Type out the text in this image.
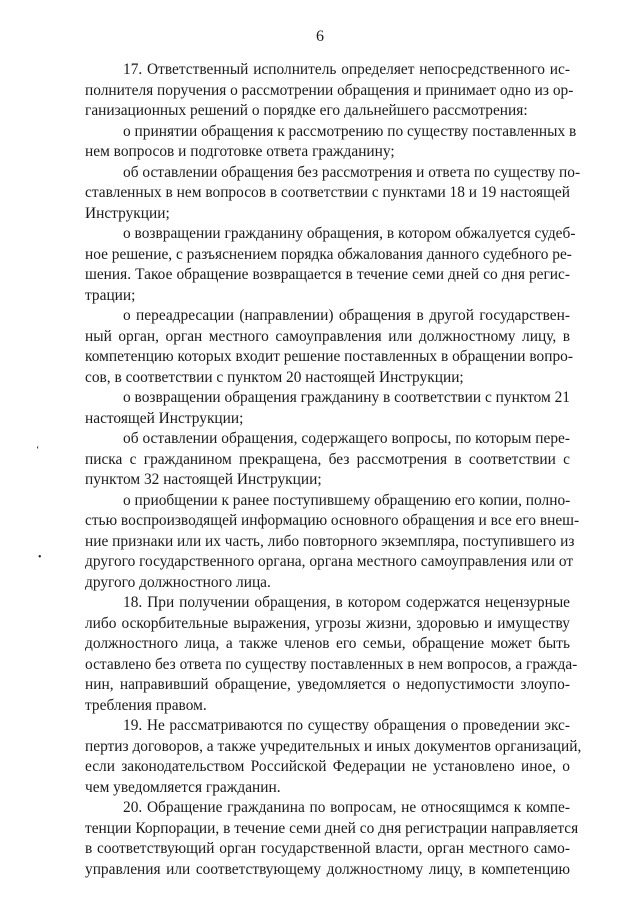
6
17. Ответственный исполнитель определяет непосредственного ис-
полнителя поручения о рассмотрении обращения и принимает одно из ор-
ганизационных решений о порядке его дальнейшего рассмотрения:
о принятии обращения к рассмотрению по существу поставленных в
нем вопросов и подготовке ответа гражданину;
об оставлении обращения без рассмотрения и ответа по существу по-
ставленных в нем вопросов в соответствии с пунктами 18 и 19 настоящей
Инструкции;
о возвращении гражданину обращения, в котором обжалуется судеб-
ное решение, с разъяснением порядка обжалования данного судебного ре-
шения. Такое обращение возвращается в течение семи дней со дня регис-
трации;
о переадресации (направлении) обращения в другой государствен-
ный орган, орган местного самоуправления или должностному лицу, в
компетенцию которых входит решение поставленных в обращении вопро-
сов, в соответствии с пунктом 20 настоящей Инструкции;
о возвращении обращения гражданину в соответствии с пунктом 21
настоящей Инструкции;
об оставлении обращения, содержащего вопросы, по которым пере-
писка с гражданином прекращена, без рассмотрения в соответствии с
пунктом 32 настоящей Инструкции;
о приобщении к ранее поступившему обращению его копии, полно-
стью воспроизводящей информацию основного обращения и все его внеш-
ние признаки или их часть, либо повторного экземпляра, поступившего из
другого государственного органа, органа местного самоуправления или от
другого должностного лица.
18. При получении обращения, в котором содержатся нецензурные
либо оскорбительные выражения, угрозы жизни, здоровью и имуществу
должностного лица, а также членов его семьи, обращение может быть
оставлено без ответа по существу поставленных в нем вопросов, а гражда-
нин, направивший обращение, уведомляется о недопустимости злоупо-
требления правом.
19. Не рассматриваются по существу обращения о проведении экс-
пертиз договоров, а также учредительных и иных документов организаций,
если законодательством Российской Федерации не установлено иное, о
чем уведомляется гражданин.
20. Обращение гражданина по вопросам, не относящимся к компе-
тенции Корпорации, в течение семи дней со дня регистрации направляется
в соответствующий орган государственной власти, орган местного само-
управления или соответствующему должностному лицу, в компетенцию
‘
•
